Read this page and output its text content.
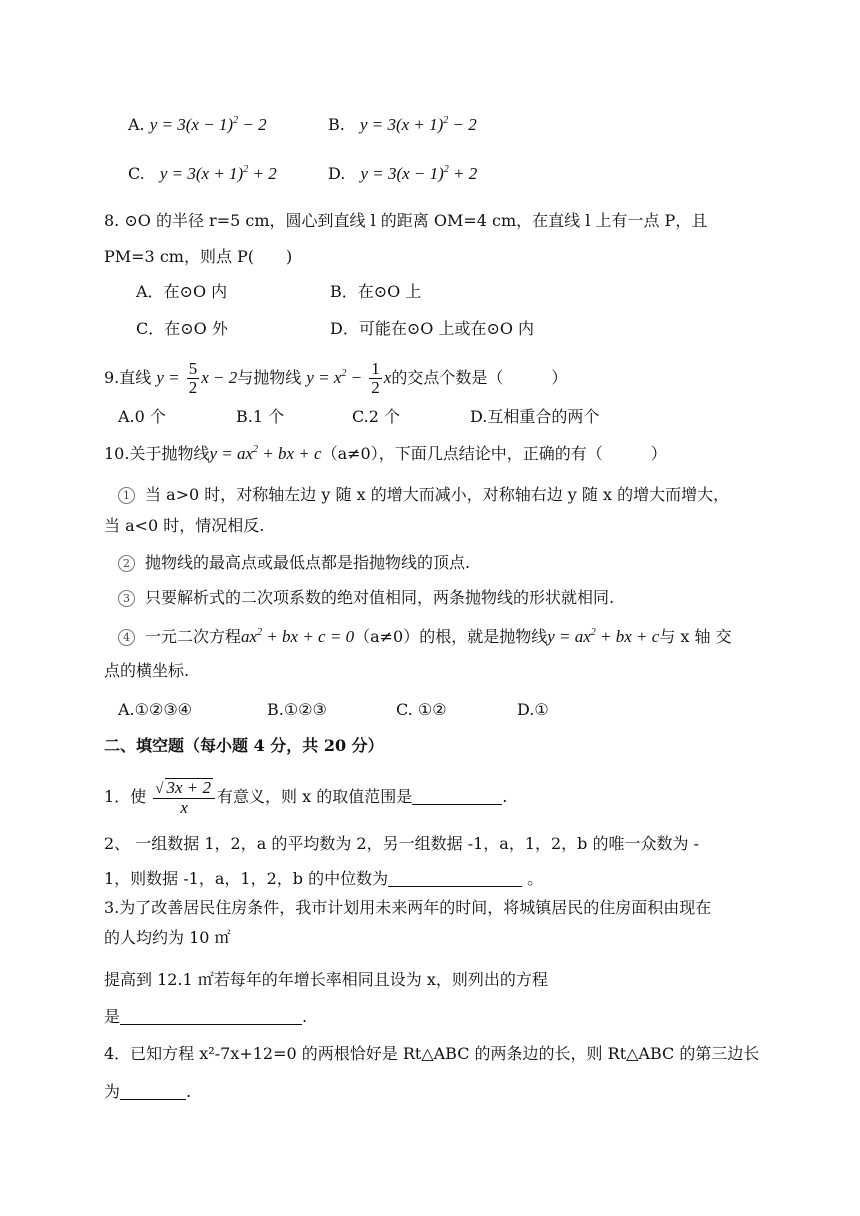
A. $y = 3(x - 1)^2 - 2$	B. $y = 3(x + 1)^2 - 2$
C. $y = 3(x + 1)^2 + 2$	D. $y = 3(x - 1)^2 + 2$
8. ⊙O 的半径 r=5 cm，圆心到直线 l 的距离 OM=4 cm，在直线 l 上有一点 P，且
PM=3 cm，则点 P(　　)
A．在⊙O 内	B．在⊙O 上
C．在⊙O 外	D．可能在⊙O 上或在⊙O 内
9.直线 $y = \frac{5}{2}$ x − 2与抛物线 $y = x^2 - \frac{1}{2}$ x的交点个数是（　　　）
A.0 个	B.1 个	C.2 个	D.互相重合的两个
10.关于抛物线$y = ax^2$ + bx + c（a≠0），下面几点结论中，正确的有（　　　）
1 当 a>0 时，对称轴左边 y 随 x 的增大而减小，对称轴右边 y 随 x 的增大而增大，
当 a<0 时，情况相反.
2 抛物线的最高点或最低点都是指抛物线的顶点.
3 只要解析式的二次项系数的绝对值相同，两条抛物线的形状就相同.
4 一元二次方程$ax^2$ + bx + c = 0（a≠0）的根，就是抛物线$y = ax^2$ + bx + c与 x 轴 交
点的横坐标.
A.①②③④	B.①②③	C. ①②	D.①
二、填空题（每小题 4 分，共 20 分）
1．使 $\frac{√ 3x + 2}{x}$ 有意义，则 x 的取值范围是	.
2、 一组数据 1，2，a 的平均数为 2，另一组数据 -1，a，1，2，b 的唯一众数为 -
1，则数据 -1，a，1，2，b 的中位数为	。
3.为了改善居民住房条件，我市计划用未来两年的时间，将城镇居民的住房面积由现在
的人均约为 10 ㎡
提高到 12.1 ㎡若每年的年增长率相同且设为 x，则列出的方程
是	.
4．已知方程 x²-7x+12=0 的两根恰好是 Rt△ABC 的两条边的长，则 Rt△ABC 的第三边长
为	.
